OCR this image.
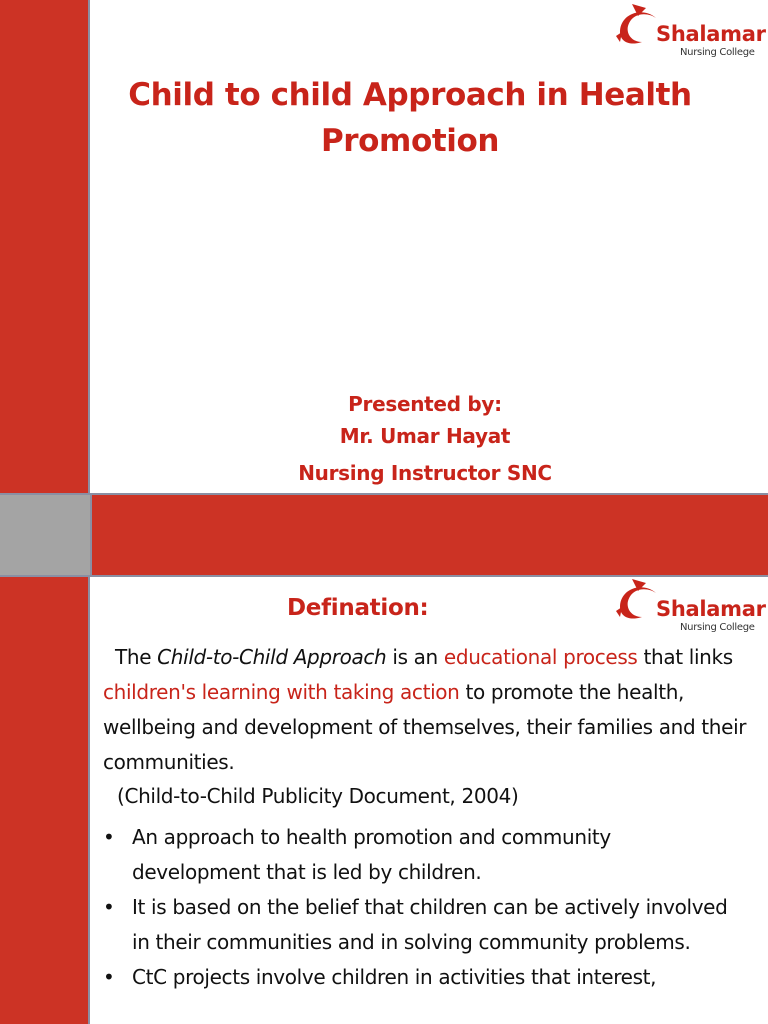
Shalamar
Nursing College
Child to child Approach in Health
Promotion
Presented by:
Mr. Umar Hayat
Nursing Instructor SNC
Shalamar
Nursing College
Defination:
The Child-to-Child Approach is an educational process that links children's learning with taking action to promote the health, wellbeing and development of themselves, their families and their communities.
(Child-to-Child Publicity Document, 2004)
• An approach to health promotion and community development that is led by children.
• It is based on the belief that children can be actively involved in their communities and in solving community problems.
• CtC projects involve children in activities that interest,
